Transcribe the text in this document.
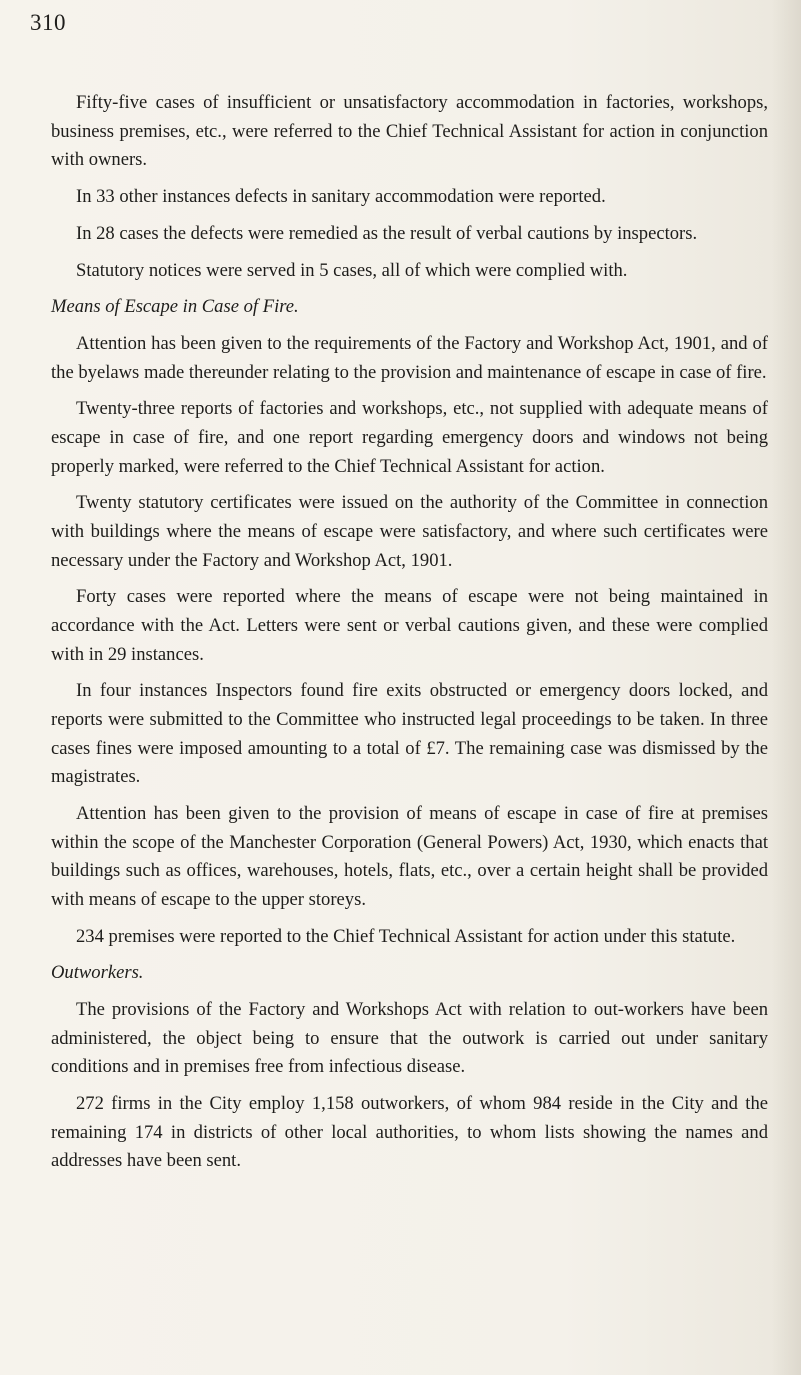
310

Fifty-five cases of insufficient or unsatisfactory accommodation in factories, workshops, business premises, etc., were referred to the Chief Technical Assistant for action in conjunction with owners.

In 33 other instances defects in sanitary accommodation were reported.

In 28 cases the defects were remedied as the result of verbal cautions by inspectors.

Statutory notices were served in 5 cases, all of which were complied with.

Means of Escape in Case of Fire.

Attention has been given to the requirements of the Factory and Workshop Act, 1901, and of the byelaws made thereunder relating to the provision and maintenance of escape in case of fire.

Twenty-three reports of factories and workshops, etc., not supplied with adequate means of escape in case of fire, and one report regarding emergency doors and windows not being properly marked, were referred to the Chief Technical Assistant for action.

Twenty statutory certificates were issued on the authority of the Committee in connection with buildings where the means of escape were satisfactory, and where such certificates were necessary under the Factory and Workshop Act, 1901.

Forty cases were reported where the means of escape were not being maintained in accordance with the Act. Letters were sent or verbal cautions given, and these were complied with in 29 instances.

In four instances Inspectors found fire exits obstructed or emergency doors locked, and reports were submitted to the Committee who instructed legal proceedings to be taken. In three cases fines were imposed amounting to a total of £7. The remaining case was dismissed by the magistrates.

Attention has been given to the provision of means of escape in case of fire at premises within the scope of the Manchester Corporation (General Powers) Act, 1930, which enacts that buildings such as offices, warehouses, hotels, flats, etc., over a certain height shall be provided with means of escape to the upper storeys.

234 premises were reported to the Chief Technical Assistant for action under this statute.

Outworkers.

The provisions of the Factory and Workshops Act with relation to out-workers have been administered, the object being to ensure that the outwork is carried out under sanitary conditions and in premises free from infectious disease.

272 firms in the City employ 1,158 outworkers, of whom 984 reside in the City and the remaining 174 in districts of other local authorities, to whom lists showing the names and addresses have been sent.
